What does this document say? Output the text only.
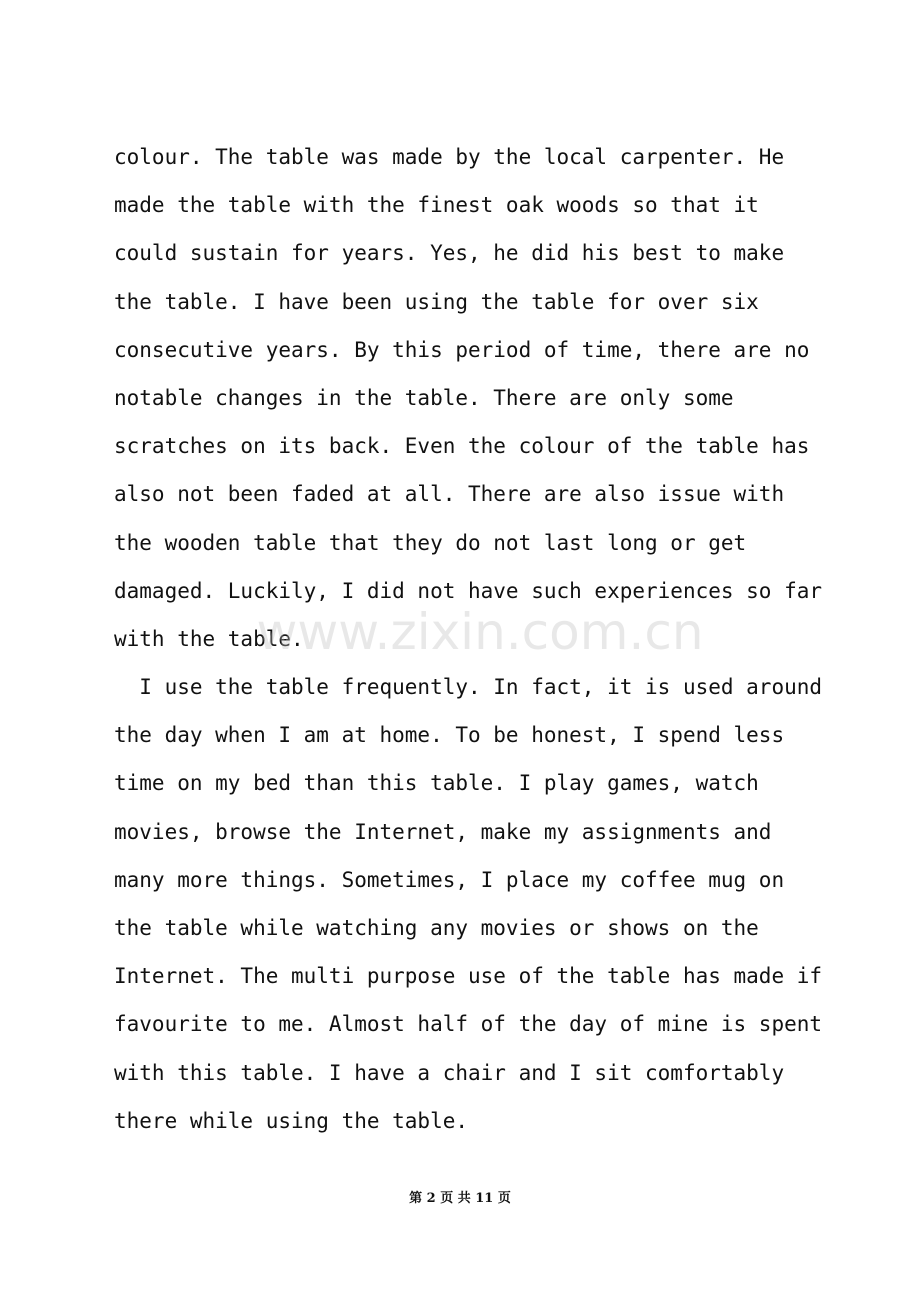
colour. The table was made by the local carpenter. He
made the table with the finest oak woods so that it
could sustain for years. Yes, he did his best to make
the table. I have been using the table for over six
consecutive years. By this period of time, there are no
notable changes in the table. There are only some
scratches on its back. Even the colour of the table has
also not been faded at all. There are also issue with
the wooden table that they do not last long or get
damaged. Luckily, I did not have such experiences so far
with the table.
I use the table frequently. In fact, it is used around
the day when I am at home. To be honest, I spend less
time on my bed than this table. I play games, watch
movies, browse the Internet, make my assignments and
many more things. Sometimes, I place my coffee mug on
the table while watching any movies or shows on the
Internet. The multi purpose use of the table has made if
favourite to me. Almost half of the day of mine is spent
with this table. I have a chair and I sit comfortably
there while using the table.
www.zixin.com.cn
第 2 页 共 11 页
